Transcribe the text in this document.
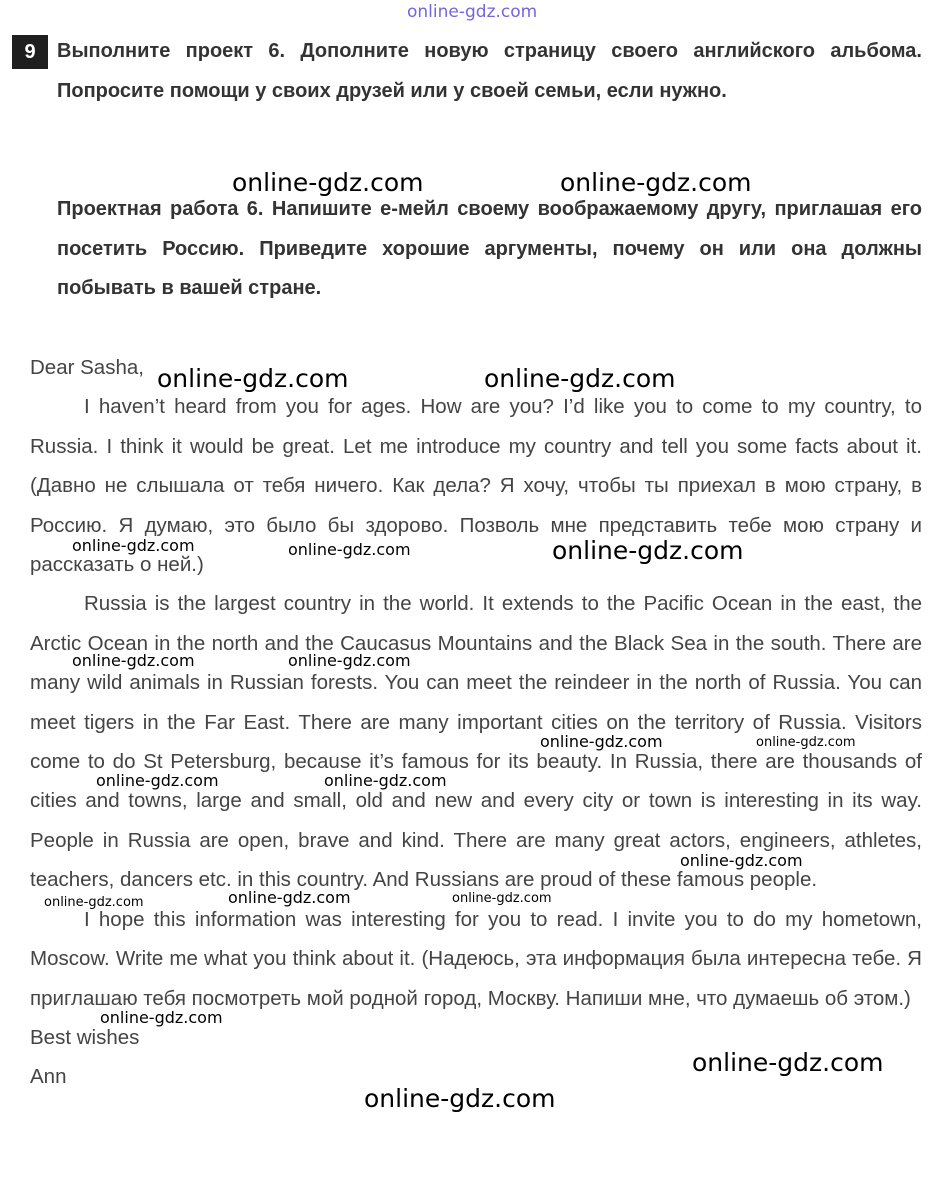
online-gdz.com
9	Выполните проект 6. Дополните новую страницу своего английского альбома. Попросите помощи у своих друзей или у своей семьи, если нужно.

Проектная работа 6. Напишите е-мейл своему воображаемому другу, приглашая его посетить Россию. Приведите хорошие аргументы, почему он или она должны побывать в вашей стране.

Dear Sasha,

I haven’t heard from you for ages. How are you? I’d like you to come to my country, to Russia. I think it would be great. Let me introduce my country and tell you some facts about it. (Давно не слышала от тебя ничего. Как дела? Я хочу, чтобы ты приехал в мою страну, в Россию. Я думаю, это было бы здорово. Позволь мне представить тебе мою страну и рассказать о ней.)

Russia is the largest country in the world. It extends to the Pacific Ocean in the east, the Arctic Ocean in the north and the Caucasus Mountains and the Black Sea in the south. There are many wild animals in Russian forests. You can meet the reindeer in the north of Russia. You can meet tigers in the Far East. There are many important cities on the territory of Russia. Visitors come to do St Petersburg, because it’s famous for its beauty. In Russia, there are thousands of cities and towns, large and small, old and new and every city or town is interesting in its way. People in Russia are open, brave and kind. There are many great actors, engineers, athletes, teachers, dancers etc. in this country. And Russians are proud of these famous people.

I hope this information was interesting for you to read. I invite you to do my hometown, Moscow. Write me what you think about it. (Надеюсь, эта информация была интересна тебе. Я приглашаю тебя посмотреть мой родной город, Москву. Напиши мне, что думаешь об этом.)

Best wishes

Ann

online-gdz.com	online-gdz.com
online-gdz.com	online-gdz.com
online-gdz.com	online-gdz.com	online-gdz.com
online-gdz.com	online-gdz.com
online-gdz.com	online-gdz.com
online-gdz.com	online-gdz.com
online-gdz.com
online-gdz.com	online-gdz.com	online-gdz.com
online-gdz.com
online-gdz.com
online-gdz.com
